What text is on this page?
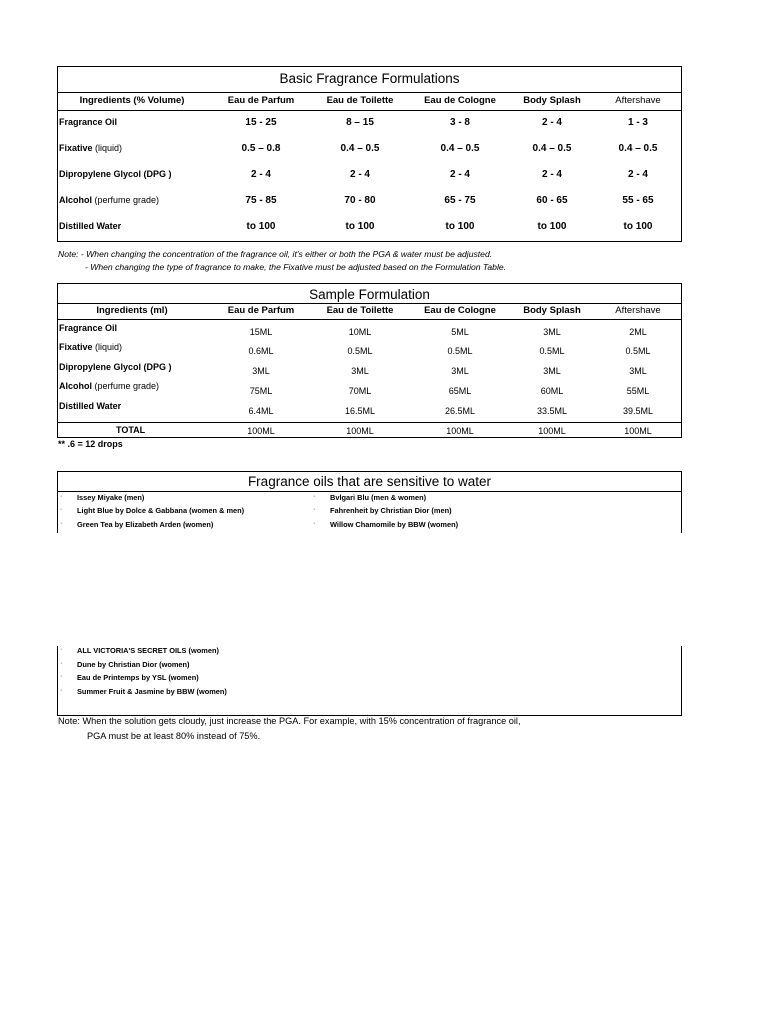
Basic Fragrance Formulations
Ingredients (% Volume)	Eau de Parfum	Eau de Toilette	Eau de Cologne	Body Splash	Aftershave
Fragrance Oil	15 - 25	8 – 15	3 - 8	2 - 4	1 - 3
Fixative (liquid)	0.5 – 0.8	0.4 – 0.5	0.4 – 0.5	0.4 – 0.5	0.4 – 0.5
Dipropylene Glycol (DPG )	2 - 4	2 - 4	2 - 4	2 - 4	2 - 4
Alcohol (perfume grade)	75 - 85	70 - 80	65 - 75	60 - 65	55 - 65
Distilled Water	to 100	to 100	to 100	to 100	to 100
Note: - When changing the concentration of the fragrance oil, it's either or both the PGA & water must be adjusted.
- When changing the type of fragrance to make, the Fixative must be adjusted based on the Formulation Table.
Sample Formulation
Ingredients (ml)	Eau de Parfum	Eau de Toilette	Eau de Cologne	Body Splash	Aftershave
Fragrance Oil	15ML	10ML	5ML	3ML	2ML
Fixative (liquid)	0.6ML	0.5ML	0.5ML	0.5ML	0.5ML
Dipropylene Glycol (DPG )	3ML	3ML	3ML	3ML	3ML
Alcohol (perfume grade)	75ML	70ML	65ML	60ML	55ML
Distilled Water	6.4ML	16.5ML	26.5ML	33.5ML	39.5ML
TOTAL	100ML	100ML	100ML	100ML	100ML
** .6 = 12 drops
Fragrance oils that are sensitive to water
· Issey Miyake (men)
· Light Blue by Dolce & Gabbana (women & men)
· Green Tea by Elizabeth Arden (women)
· Bvlgari Blu (men & women)
· Fahrenheit by Christian Dior (men)
· Willow Chamomile by BBW (women)
· ALL VICTORIA'S SECRET OILS (women)
· Dune by Christian Dior (women)
· Eau de Printemps by YSL (women)
· Summer Fruit & Jasmine by BBW (women)
Note: When the solution gets cloudy, just increase the PGA. For example, with 15% concentration of fragrance oil,
PGA must be at least 80% instead of 75%.
